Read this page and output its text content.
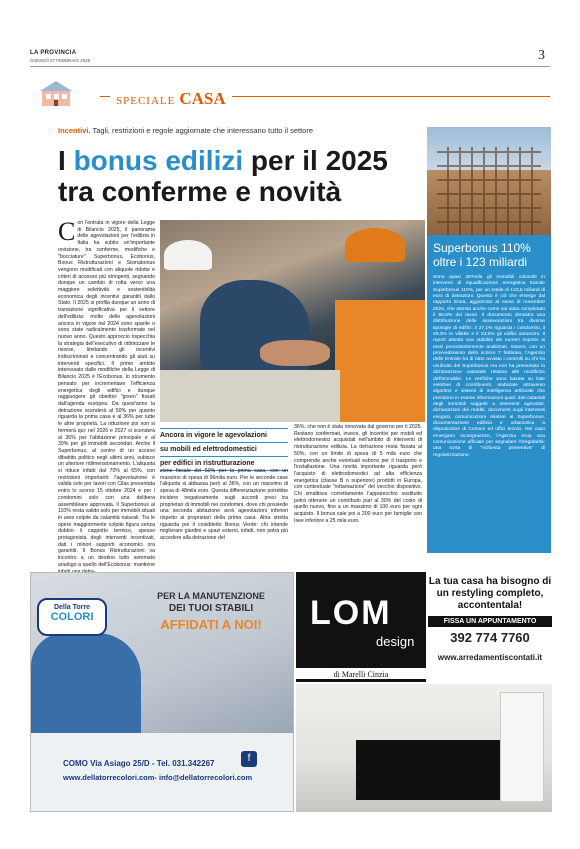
LA PROVINCIA
GIOVEDÌ 27 FEBBRAIO 2025	3
SPECIALE CASA
Incentivi. Tagli, restrizioni e regole aggiornate che interessano tutto il settore
I bonus edilizi per il 2025 tra conferme e novità
C on l'entrata in vigore della Legge di Bilancio 2025, il panorama delle agevolazioni per l'edilizia in Italia ha subito un'importante revisione, tra conferme, modifiche e "bocciature". Superbonus, Ecobonus, Bonus Ristrutturazioni e Sismabonus vengono modificati con aliquote ridotte e criteri di accesso più stringenti, segnando dunque un cambio di rotta verso una maggiore selettività e sostenibilità economica degli incentivi garantiti dallo Stato. Il 2025 si profila dunque un anno di transizione significativa per il settore dell'edilizia: molte delle agevolazioni ancora in vigore nel 2024 sono sparite o sono state radicalmente trasformate nel nuovo anno. Questo approccio rispecchia la strategia dell'esecutivo di ottimizzare le risorse, limitando gli incentivi indiscriminati e concentrando gli aiuti su interventi specifici. Il primo ambito interessato dalle modifiche della Legge di Bilancio 2025 è l'Ecobonus, lo strumento pensato per incrementare l'efficienza energetica degli edifici e dunque raggiungere gli obiettivi "green" fissati dall'agenda europea. Da quest'anno la detrazione scenderà al 50% per quanto riguarda la prima casa e al 36% per tutte le altre proprietà. La riduzione poi non si fermerà qui: nel 2026 e 2027 si scenderà al 36% per l'abitazione principale e al 30% per gli immobili secondari. Anche il Superbonus, al centro di un acceso dibattito politico negli ultimi anni, subisce un ulteriore ridimensionamento. L'aliquota si riduce infatti dal 70% al 65%, con restrizioni importanti: l'agevolazione è valida solo per lavori con Cilas presentata entro lo scorso 15 ottobre 2024 e per i condomini solo con una delibera assembleare approvata. Il Superbonus al 110% resta valido solo per immobili situati in aree colpite da calamità naturali. Tra le opere maggiormente colpite figura senza dubbio il cappotto termico, spesso protagonista degli interventi incentivati, dati i minori supporti economici ora garantiti. Il Bonus Ristrutturazioni va incontro a un destino tutto sommato analogo a quello dell'Ecobonus: mantiene
Ancora in vigore le agevolazioni
su mobili ed elettrodomestici
per edifici in ristrutturazione
zione fiscale del 50% per la prima casa, con un massimo di spesa di 96mila euro. Per le seconde case l'aliquota si abbassa però al 36%, con un massimo di spesa di 48mila euro. Questa differenziazione potrebbe incidere negativamente sugli accordi presi tra proprietari di immobili nei condomini, dove chi possiede una seconda abitazione avrà agevolazioni inferiori rispetto ai proprietari della prima casa. Altra stretta riguarda poi il cosiddetto Bonus Verde: chi intende migliorare giardini e spazi esterni, infatti, non potrà più accedere alla detrazione del
36%, che non è stata rinnovata dal governo per il 2025. Restano confermati, invece, gli incentivi per mobili ed elettrodomestici acquistati nell'ambito di interventi di ristrutturazione edilizia. La detrazione resta fissata al 50%, con un limite di spesa di 5 mila euro che comprende anche eventuali esborsi per il trasporto e l'installazione. Una novità importante riguarda però l'acquisto di elettrodomestici ad alta efficienza energetica (classe B o superiore) prodotti in Europa, con contestuale "rottamazione" del vecchio dispositivo. Chi smaltisce correttamente l'apparecchio sostituito potrà ottenere un contributo pari al 30% del costo di quello nuovo, fino a un massimo di 100 euro per ogni acquisto. Il bonus sale poi a 200 euro per famiglie con Isee inferiore a 25 mila euro.
Superbonus 110% oltre i 123 miliardi
Sono quasi 497mila gli immobili coinvolti in interventi di riqualificazione energetica tramite Superbonus 110%, per un totale di 123,5 miliardi di euro di detrazioni. Questo è ciò che emerge dal rapporto Enea, aggiornato al mese di novembre 2024, che attesta anche come sia stato completato il 98,6% dei lavori. Il documento dimostra una distribuzione delle asseverazioni tra diverse tipologie di edifici: il 27,1% riguarda i condomini, il 49,3% le villette e il 23,6% gli edifici autonomi. Il report attesta una stabilità dei numeri rispetto ai mesi precedentemente analizzati. Intanto, con un provvedimento dello scorso 7 febbraio, l'Agenzia delle Entrate ha di fatto avviato i controlli su chi ha usufruito del Superbonus ma non ha presentato la dichiarazione catastale relativa alle modifiche dell'immobile. Le verifiche sono basate su liste selettive di contribuenti, elaborate attraverso algoritmi e sistemi di intelligenza artificiale che prendono in esame informazioni quali: dati catastali degli immobili soggetti a interventi agevolati, dichiarazioni dei redditi, documenti sugli interventi eseguiti, comunicazioni relative al Superbonus, documentazione edilizia e urbanistica a disposizione di Comuni ed uffici tecnici. Nel caso emergano incongruenze, l'Agenzia invia una comunicazione ufficiale per segnalare l'irregolarità: una sorta di "richiesta preventiva" di regolarizzazione.
Della Torre
COLORI
PER LA MANUTENZIONE
DEI TUOI STABILI
AFFIDATI A NOI!
f
COMO Via Asiago 25/D - Tel. 031.342267
www.dellatorrecolori.com- info@dellatorrecolori.com
LOM
design
di Marelli Cinzia
La tua casa ha bisogno di un restyling completo, accontentala!
FISSA UN APPUNTAMENTO
392 774 7760
www.arredamentiscontati.it
